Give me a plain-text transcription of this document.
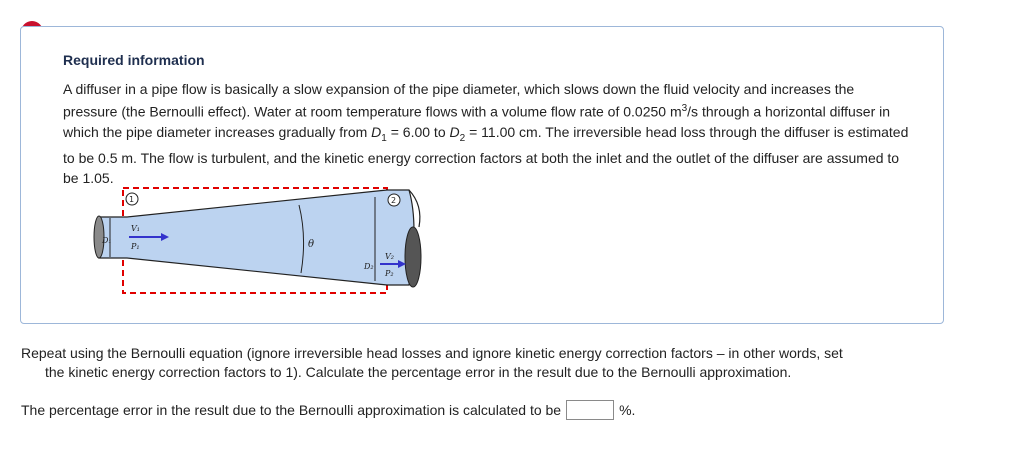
Required information
A diffuser in a pipe flow is basically a slow expansion of the pipe diameter, which slows down the fluid velocity and increases the pressure (the Bernoulli effect). Water at room temperature flows with a volume flow rate of 0.0250 $m^3/s$ through a horizontal diffuser in which the pipe diameter increases gradually from $D_1 = 6.00$ to $D_2 = 11.00$ cm. The irreversible head loss through the diffuser is estimated to be 0.5 m. The flow is turbulent, and the kinetic energy correction factors at both the inlet and the outlet of the diffuser are assumed to be 1.05.
θ
D₁
D₂
1	2
V₁
P₁
V₂
P₂
Repeat using the Bernoulli equation (ignore irreversible head losses and ignore kinetic energy correction factors – in other words, set
the kinetic energy correction factors to 1). Calculate the percentage error in the result due to the Bernoulli approximation.
The percentage error in the result due to the Bernoulli approximation is calculated to be	%.
